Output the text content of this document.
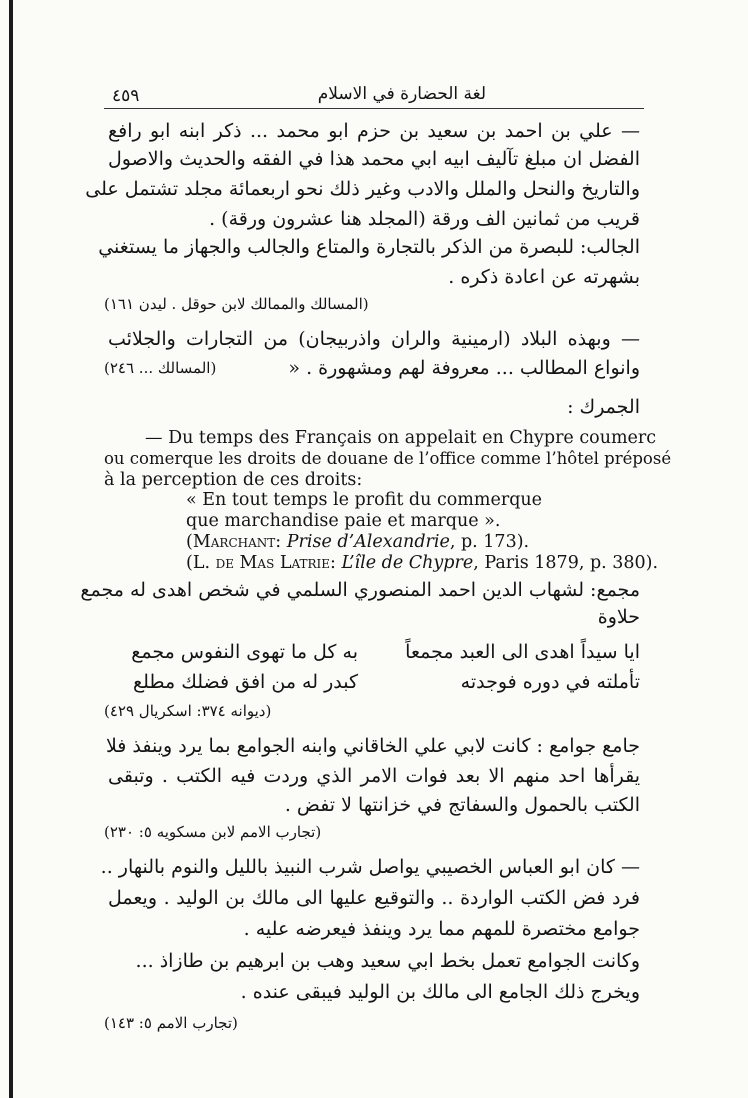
٤٥٩	لغة الحضارة في الاسلام
— علي بن احمد بن سعيد بن حزم ابو محمد ... ذكر ابنه ابو رافع
الفضل ان مبلغ تآليف ابيه ابي محمد هذا في الفقه والحديث والاصول
والتاريخ والنحل والملل والادب وغير ذلك نحو اربعمائة مجلد تشتمل على
قريب من ثمانين الف ورقة (المجلد هنا عشرون ورقة) .
الجالب: للبصرة من الذكر بالتجارة والمتاع والجالب والجهاز ما يستغني
بشهرته عن اعادة ذكره .
(المسالك والممالك لابن حوقل . ليدن ١٦١)
— وبهذه البلاد (ارمينية والران واذربيجان) من التجارات والجلائب
وانواع المطالب ... معروفة لهم ومشهورة . «
(المسالك ... ٢٤٦)
الجمرك :
— Du temps des Français on appelait en Chypre coumerc
ou comerque les droits de douane de l’office comme l’hôtel préposé
à la perception de ces droits:
« En tout temps le profit du commerque
que marchandise paie et marque ».
(Marchant: Prise d’Alexandrie, p. 173).
(L. de Mas Latrie: L’île de Chypre, Paris 1879, p. 380).
مجمع: لشهاب الدين احمد المنصوري السلمي في شخص اهدى له مجمع
حلاوة
ايا سيداً اهدى الى العبد مجمعاً
به كل ما تهوى النفوس مجمع
تأملته في دوره فوجدته
كبدر له من افق فضلك مطلع
(ديوانه ٣٧٤: اسكريال ٤٢٩)
جامع جوامع : كانت لابي علي الخاقاني وابنه الجوامع بما يرد وينفذ فلا
يقرأها احد منهم الا بعد فوات الامر الذي وردت فيه الكتب . وتبقى
الكتب بالحمول والسفاتج في خزانتها لا تفض .
(تجارب الامم لابن مسكويه ٥: ٢٣٠)
— كان ابو العباس الخصيبي يواصل شرب النبيذ بالليل والنوم بالنهار ..
فرد فض الكتب الواردة .. والتوقيع عليها الى مالك بن الوليد . ويعمل
جوامع مختصرة للمهم مما يرد وينفذ فيعرضه عليه .
وكانت الجوامع تعمل بخط ابي سعيد وهب بن ابرهيم بن طازاذ ...
ويخرج ذلك الجامع الى مالك بن الوليد فيبقى عنده .
(تجارب الامم ٥: ١٤٣)
